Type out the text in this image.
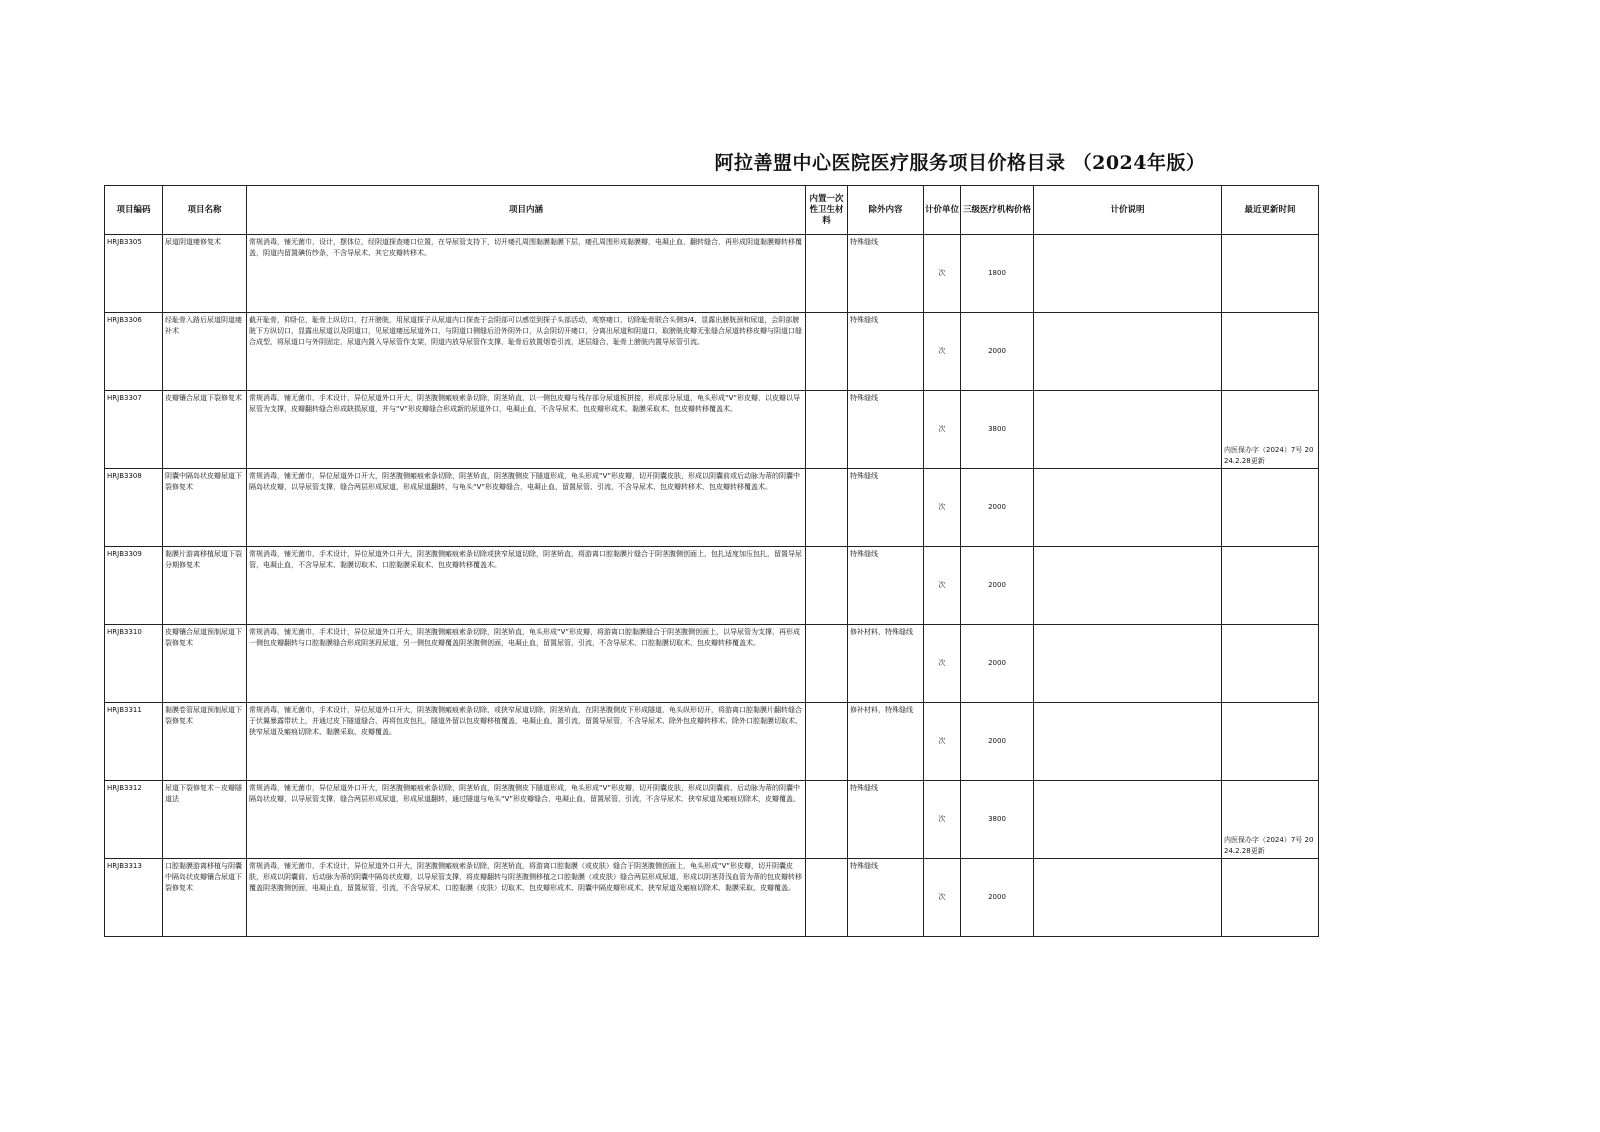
阿拉善盟中心医院医疗服务项目价格目录 （2024年版）
项目编码	项目名称	项目内涵	内置一次性卫生材料	除外内容	计价单位	三级医疗机构价格	计价说明	最近更新时间

HRJB3305	尿道阴道瘘修复术	常规消毒，铺无菌巾，设计，摆体位，经阴道探查瘘口位置，在导尿管支持下，切开瘘孔周围黏膜黏膜下层，瘘孔周围形成黏膜瓣，电凝止血，翻转缝合，再形成阴道黏膜瓣转移覆盖，阴道内留置碘仿纱条，不含导尿术、其它皮瓣转移术。		特殊缝线	次	1800		

HRJB3306	经耻骨入路后尿道阴道瘘补术	截开耻骨，仰卧位，耻骨上纵切口，打开膀胱，用尿道探子从尿道内口探查于会阴部可以感觉到探子头部活动，观察瘘口，切除耻骨联合头侧3/4，显露出膀胱颈和尿道，会阴部膀胱下方纵切口，显露出尿道以及阴道口，见尿道瘘远尿道外口，与阴道口侧缝后沿外阴外口，从会阴切开瘘口，分离出尿道和阴道口，取膀胱皮瓣无张缝合尿道转移皮瓣与阴道口缝合成型，将尿道口与外阴固定，尿道内置入导尿管作支架，阴道内放导尿管作支撑，耻骨后放置烟卷引流，逐层缝合，耻骨上膀胱内置导尿管引流。		特殊缝线	次	2000		

HRJB3307	皮瓣镶合尿道下裂修复术	常规消毒，铺无菌巾，手术设计，异位尿道外口开大，阴茎腹侧瘢痕索条切除，阴茎矫直，以一侧包皮瓣与残存部分尿道板拼接，形成部分尿道，龟头形成“V”形皮瓣，以皮瓣以导尿管为支撑，皮瓣翻转缝合形成缺损尿道，并与“V”形皮瓣缝合形成新的尿道外口，电凝止血，不含导尿术、包皮瓣形成术、黏膜采取术、包皮瓣转移覆盖术。		特殊缝线	次	3800		内医保办字（2024）7号 2024.2.28更新

HRJB3308	阴囊中隔岛状皮瓣尿道下裂修复术	常规消毒，铺无菌巾，异位尿道外口开大，阴茎腹侧瘢痕索条切除，阴茎矫直，阴茎腹侧皮下隧道形成，龟头形成“V”形皮瓣，切开阴囊皮肤，形成以阴囊前或后动脉为蒂的阴囊中隔岛状皮瓣，以导尿管支撑，缝合两层形成尿道，形成尿道翻转，与龟头“V”形皮瓣缝合，电凝止血，留置尿管、引流，不含导尿术、包皮瓣转移术、包皮瓣转移覆盖术。		特殊缝线	次	2000		

HRJB3309	黏膜片游离移植尿道下裂分期修复术	常规消毒，铺无菌巾，手术设计，异位尿道外口开大，阴茎腹侧瘢痕索条切除或狭窄尿道切除，阴茎矫直，将游离口腔黏膜片缝合于阴茎腹侧创面上，包扎适度加压包扎，留置导尿管，电凝止血，不含导尿术、黏膜切取术、口腔黏膜采取术、包皮瓣转移覆盖术。		特殊缝线	次	2000		

HRJB3310	皮瓣镶合尿道预制尿道下裂修复术	常规消毒，铺无菌巾，手术设计，异位尿道外口开大，阴茎腹侧瘢痕索条切除，阴茎矫直，龟头形成“V”形皮瓣，将游离口腔黏膜缝合于阴茎腹侧创面上，以导尿管为支撑，再形成一侧包皮瓣翻转与口腔黏膜缝合形成阴茎段尿道，另一侧包皮瓣覆盖阴茎腹侧创面，电凝止血，留置尿管，引流，不含导尿术、口腔黏膜切取术、包皮瓣转移覆盖术。		修补材料，特殊缝线	次	2000		

HRJB3311	黏膜卷管尿道预制尿道下裂修复术	常规消毒，铺无菌巾，手术设计，异位尿道外口开大，阴茎腹侧瘢痕索条切除，或狭窄尿道切除，阴茎矫直，在阴茎腹侧皮下形成隧道，龟头纵形切开，将游离口腔黏膜片翻转缝合于伏翼暴露带状上，并通过皮下隧道缝合，再将包皮包扎，隧道外留以包皮瓣移植覆盖，电凝止血，置引流，留置导尿管，不含导尿术、除外包皮瓣转移术、除外口腔黏膜切取术、狭窄尿道及瘢痕切除术、黏膜采取、皮瓣覆盖。		修补材料，特殊缝线	次	2000		

HRJB3312	尿道下裂修复术－皮瓣隧道法	常规消毒，铺无菌巾，异位尿道外口开大，阴茎腹侧瘢痕索条切除，阴茎矫直，阴茎腹侧皮下隧道形成，龟头形成“V”形皮瓣，切开阴囊皮肤，形成以阴囊前、后动脉为蒂的阴囊中隔岛状皮瓣，以导尿管支撑，缝合两层形成尿道，形成尿道翻转，通过隧道与龟头“V”形皮瓣缝合，电凝止血，留置尿管，引流，不含导尿术、狭窄尿道及瘢痕切除术，皮瓣覆盖。		特殊缝线	次	3800		内医保办字（2024）7号 2024.2.28更新

HRJB3313	口腔黏膜游离移植与阴囊中隔岛状皮瓣镶合尿道下裂修复术	常规消毒，铺无菌巾，手术设计，异位尿道外口开大，阴茎腹侧瘢痕索条切除，阴茎矫直，将游离口腔黏膜（或皮肤）缝合于阴茎腹侧创面上，龟头形成“V”形皮瓣，切开阴囊皮肤，形成以阴囊前、后动脉为蒂的阴囊中隔岛状皮瓣，以导尿管支撑，将皮瓣翻转与阴茎腹侧移植之口腔黏膜（或皮肤）缝合两层形成尿道，形成以阴茎背浅血管为蒂的包皮瓣转移覆盖阴茎腹侧创面，电凝止血，留置尿管，引流，不含导尿术、口腔黏膜（皮肤）切取术、包皮瓣形成术、阴囊中隔皮瓣形成术、狭窄尿道及瘢痕切除术、黏膜采取、皮瓣覆盖。		特殊缝线	次	2000		
